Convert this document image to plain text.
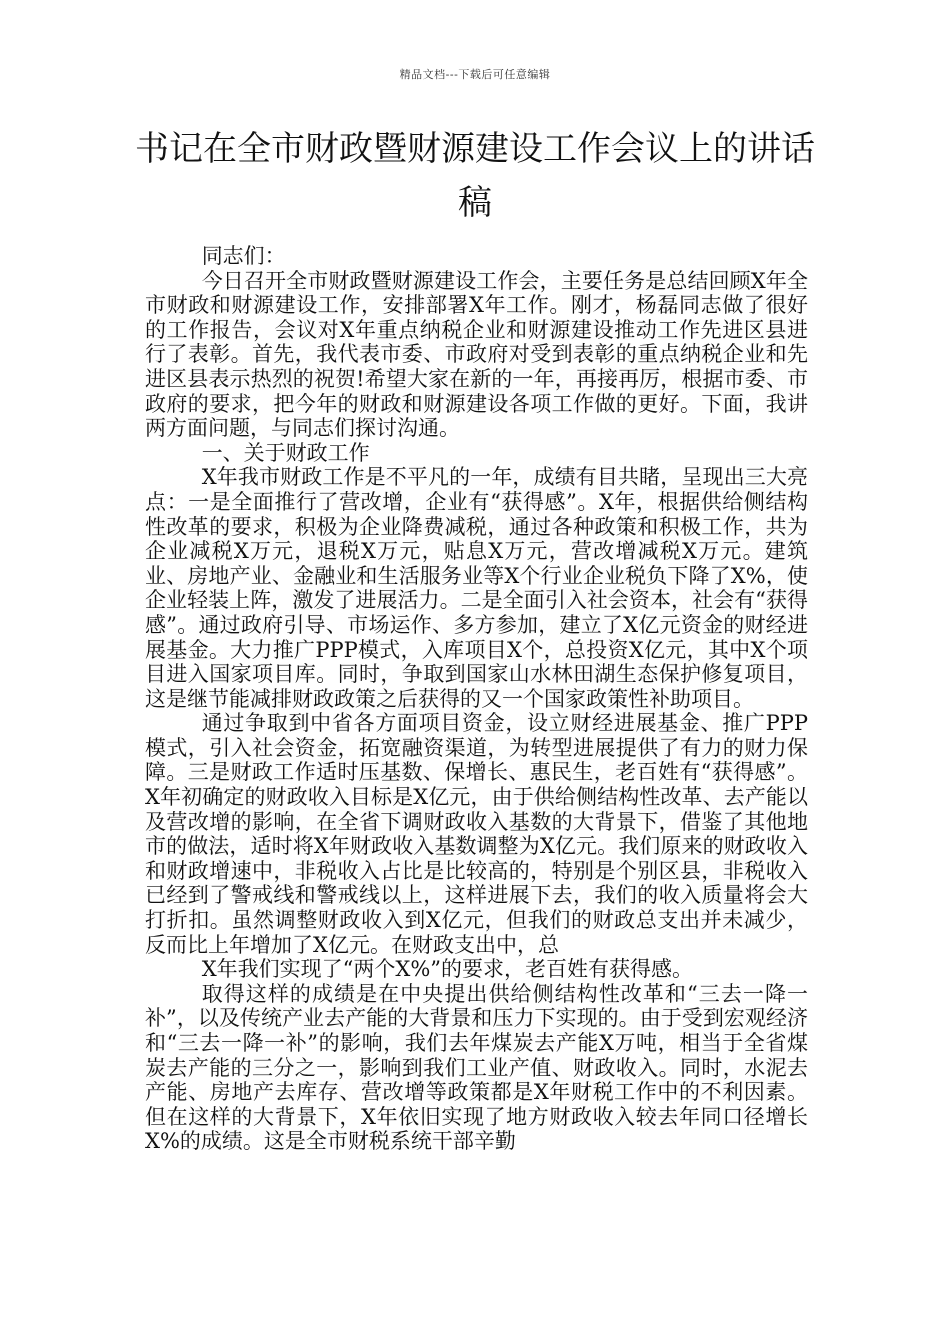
精品文档---下载后可任意编辑
书记在全市财政暨财源建设工作会议上的讲话稿

同志们：

今日召开全市财政暨财源建设工作会，主要任务是总结回顾X年全市财政和财源建设工作，安排部署X年工作。刚才，杨磊同志做了很好的工作报告，会议对X年重点纳税企业和财源建设推动工作先进区县进行了表彰。首先，我代表市委、市政府对受到表彰的重点纳税企业和先进区县表示热烈的祝贺!希望大家在新的一年，再接再厉，根据市委、市政府的要求，把今年的财政和财源建设各项工作做的更好。下面，我讲两方面问题，与同志们探讨沟通。

一、关于财政工作

X年我市财政工作是不平凡的一年，成绩有目共睹，呈现出三大亮点：一是全面推行了营改增，企业有“获得感”。X年，根据供给侧结构性改革的要求，积极为企业降费减税，通过各种政策和积极工作，共为企业减税X万元，退税X万元，贴息X万元，营改增减税X万元。建筑业、房地产业、金融业和生活服务业等X个行业企业税负下降了X%，使企业轻装上阵，激发了进展活力。二是全面引入社会资本，社会有“获得感”。通过政府引导、市场运作、多方参加，建立了X亿元资金的财经进展基金。大力推广PPP模式，入库项目X个，总投资X亿元，其中X个项目进入国家项目库。同时，争取到国家山水林田湖生态保护修复项目，这是继节能减排财政政策之后获得的又一个国家政策性补助项目。

通过争取到中省各方面项目资金，设立财经进展基金、推广PPP模式，引入社会资金，拓宽融资渠道，为转型进展提供了有力的财力保障。三是财政工作适时压基数、保增长、惠民生，老百姓有“获得感”。X年初确定的财政收入目标是X亿元，由于供给侧结构性改革、去产能以及营改增的影响，在全省下调财政收入基数的大背景下，借鉴了其他地市的做法，适时将X年财政收入基数调整为X亿元。我们原来的财政收入和财政增速中，非税收入占比是比较高的，特别是个别区县，非税收入已经到了警戒线和警戒线以上，这样进展下去，我们的收入质量将会大打折扣。虽然调整财政收入到X亿元，但我们的财政总支出并未减少，反而比上年增加了X亿元。在财政支出中，总

X年我们实现了“两个X%”的要求，老百姓有获得感。

取得这样的成绩是在中央提出供给侧结构性改革和“三去一降一补”，以及传统产业去产能的大背景和压力下实现的。由于受到宏观经济和“三去一降一补”的影响，我们去年煤炭去产能X万吨，相当于全省煤炭去产能的三分之一，影响到我们工业产值、财政收入。同时，水泥去产能、房地产去库存、营改增等政策都是X年财税工作中的不利因素。但在这样的大背景下，X年依旧实现了地方财政收入较去年同口径增长X%的成绩。这是全市财税系统干部辛勤
